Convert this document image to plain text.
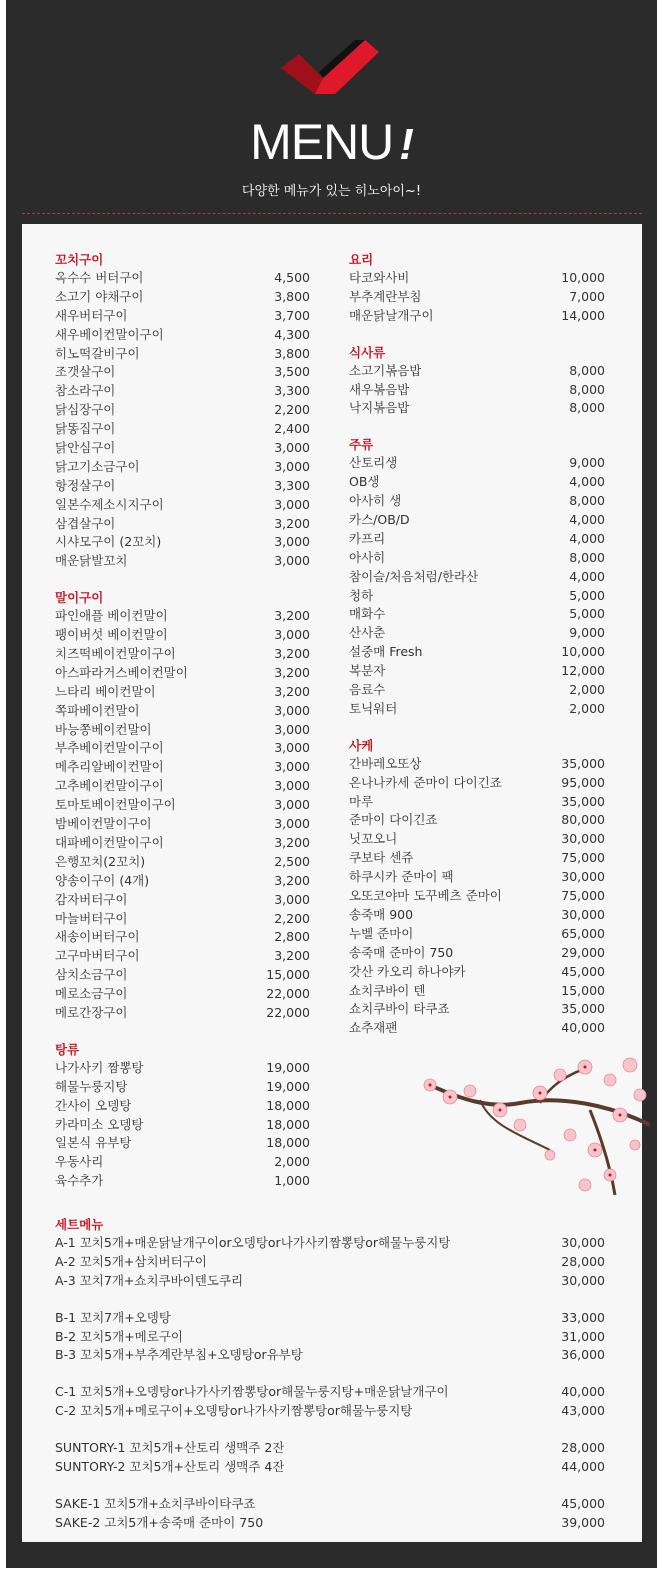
MENU !
다양한 메뉴가 있는 히노아이~!
꼬치구이
옥수수 버터구이	4,500
소고기 야채구이	3,800
새우버터구이	3,700
새우베이컨말이구이	4,300
히노떡갈비구이	3,800
조갯살구이	3,500
참소라구이	3,300
닭심장구이	2,200
닭똥집구이	2,400
닭안심구이	3,000
닭고기소금구이	3,000
항정살구이	3,300
일본수제소시지구이	3,000
삼겹살구이	3,200
시샤모구이 (2꼬치)	3,000
매운닭발꼬치	3,000
말이구이
파인애플 베이컨말이	3,200
팽이버섯 베이컨말이	3,000
치즈떡베이컨말이구이	3,200
아스파라거스베이컨말이	3,200
느타리 베이컨말이	3,200
쪽파베이컨말이	3,000
바능쫑베이컨말이	3,000
부추베이컨말이구이	3,000
메추리알베이컨말이	3,000
고추베이컨말이구이	3,000
토마토베이컨말이구이	3,000
밤베이컨말이구이	3,000
대파베이컨말이구이	3,200
은행꼬치(2꼬치)	2,500
양송이구이 (4개)	3,200
감자버터구이	3,000
마늘버터구이	2,200
새송이버터구이	2,800
고구마버터구이	3,200
삼치소금구이	15,000
메로소금구이	22,000
메로간장구이	22,000
탕류
나가사키 짬뽕탕	19,000
해물누룽지탕	19,000
간사이 오뎅탕	18,000
카라미소 오뎅탕	18,000
일본식 유부탕	18,000
우동사리	2,000
육수추가	1,000
요리
타코와사비	10,000
부추계란부침	7,000
매운닭날개구이	14,000
식사류
소고기볶음밥	8,000
새우볶음밥	8,000
낙지볶음밥	8,000
주류
산토리생	9,000
OB생	4,000
아사히 생	8,000
카스/OB/D	4,000
카프리	4,000
아사히	8,000
참이슬/처음처럼/한라산	4,000
청하	5,000
매화수	5,000
산사춘	9,000
설중매 Fresh	10,000
복분자	12,000
음료수	2,000
토닉워터	2,000
사케
간바레오또상	35,000
온나나카세 준마이 다이긴죠	95,000
마루	35,000
준마이 다이긴죠	80,000
닛꼬오니	30,000
쿠보타 센쥬	75,000
하쿠시카 준마이 팩	30,000
오또코야마 도꾸베츠 준마이	75,000
송죽매 900	30,000
누벨 준마이	65,000
송죽매 준마이 750	29,000
갓산 카오리 하나야카	45,000
쇼치쿠바이 텐	15,000
쇼치쿠바이 타쿠죠	35,000
쇼추재팬	40,000
세트메뉴
A-1 꼬치5개+매운닭날개구이or오뎅탕or나가사키짬뽕탕or해물누룽지탕	30,000
A-2 꼬치5개+삼치버터구이	28,000
A-3 꼬치7개+쇼치쿠바이텐도쿠리	30,000
B-1 꼬치7개+오뎅탕	33,000
B-2 꼬치5개+메로구이	31,000
B-3 꼬치5개+부추계란부침+오뎅탕or유부탕	36,000
C-1 꼬치5개+오뎅탕or나가사키짬뽕탕or해물누룽지탕+매운닭날개구이	40,000
C-2 꼬치5개+메로구이+오뎅탕or나가사키짬뽕탕or해물누룽지탕	43,000
SUNTORY-1 꼬치5개+산토리 생맥주 2잔	28,000
SUNTORY-2 꼬치5개+산토리 생맥주 4잔	44,000
SAKE-1 꼬치5개+쇼치쿠바이타쿠죠	45,000
SAKE-2 고치5개+송죽매 준마이 750	39,000
